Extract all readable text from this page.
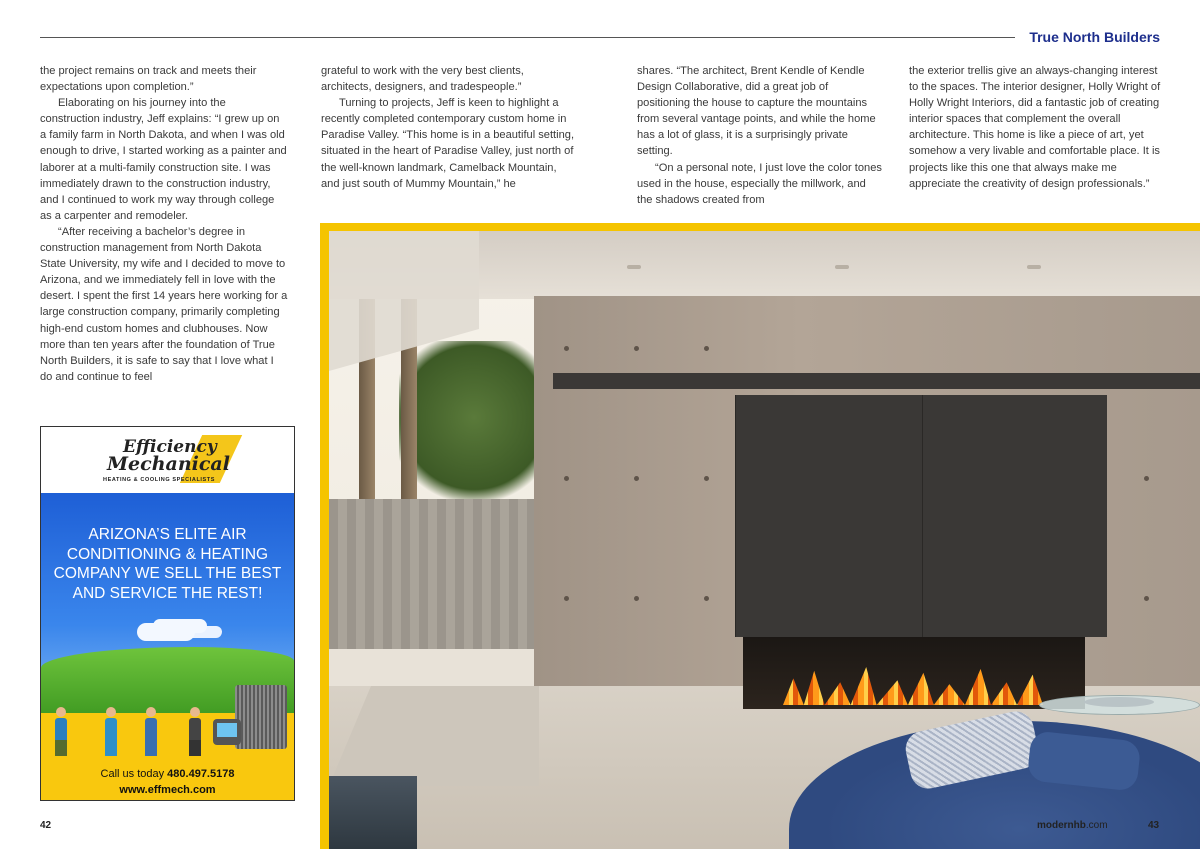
True North Builders

the project remains on track and meets their expectations upon completion.”

Elaborating on his journey into the construction industry, Jeff explains: “I grew up on a family farm in North Dakota, and when I was old enough to drive, I started working as a painter and laborer at a multi-family construction site. I was immediately drawn to the construction industry, and I continued to work my way through college as a carpenter and remodeler.

“After receiving a bachelor’s degree in construction management from North Dakota State University, my wife and I decided to move to Arizona, and we immediately fell in love with the desert. I spent the first 14 years here working for a large construction company, primarily completing high-end custom homes and clubhouses. Now more than ten years after the foundation of True North Builders, it is safe to say that I love what I do and continue to feel

grateful to work with the very best clients, architects, designers, and tradespeople.”

Turning to projects, Jeff is keen to highlight a recently completed contemporary custom home in Paradise Valley. “This home is in a beautiful setting, situated in the heart of Paradise Valley, just north of the well-known landmark, Camelback Mountain, and just south of Mummy Mountain,” he

shares. “The architect, Brent Kendle of Kendle Design Collaborative, did a great job of positioning the house to capture the mountains from several vantage points, and while the home has a lot of glass, it is a surprisingly private setting.

“On a personal note, I just love the color tones used in the house, especially the millwork, and the shadows created from

the exterior trellis give an always-changing interest to the spaces. The interior designer, Holly Wright of Holly Wright Interiors, did a fantastic job of creating interior spaces that complement the overall architecture. This home is like a piece of art, yet somehow a very livable and comfortable place. It is projects like this one that always make me appreciate the creativity of design professionals.”

Efficiency
Mechanical
HEATING & COOLING SPECIALISTS
ARIZONA’S ELITE AIR CONDITIONING & HEATING COMPANY WE SELL THE BEST AND SERVICE THE REST!
Call us today 480.497.5178
www.effmech.com
42	modernhb.com	43
